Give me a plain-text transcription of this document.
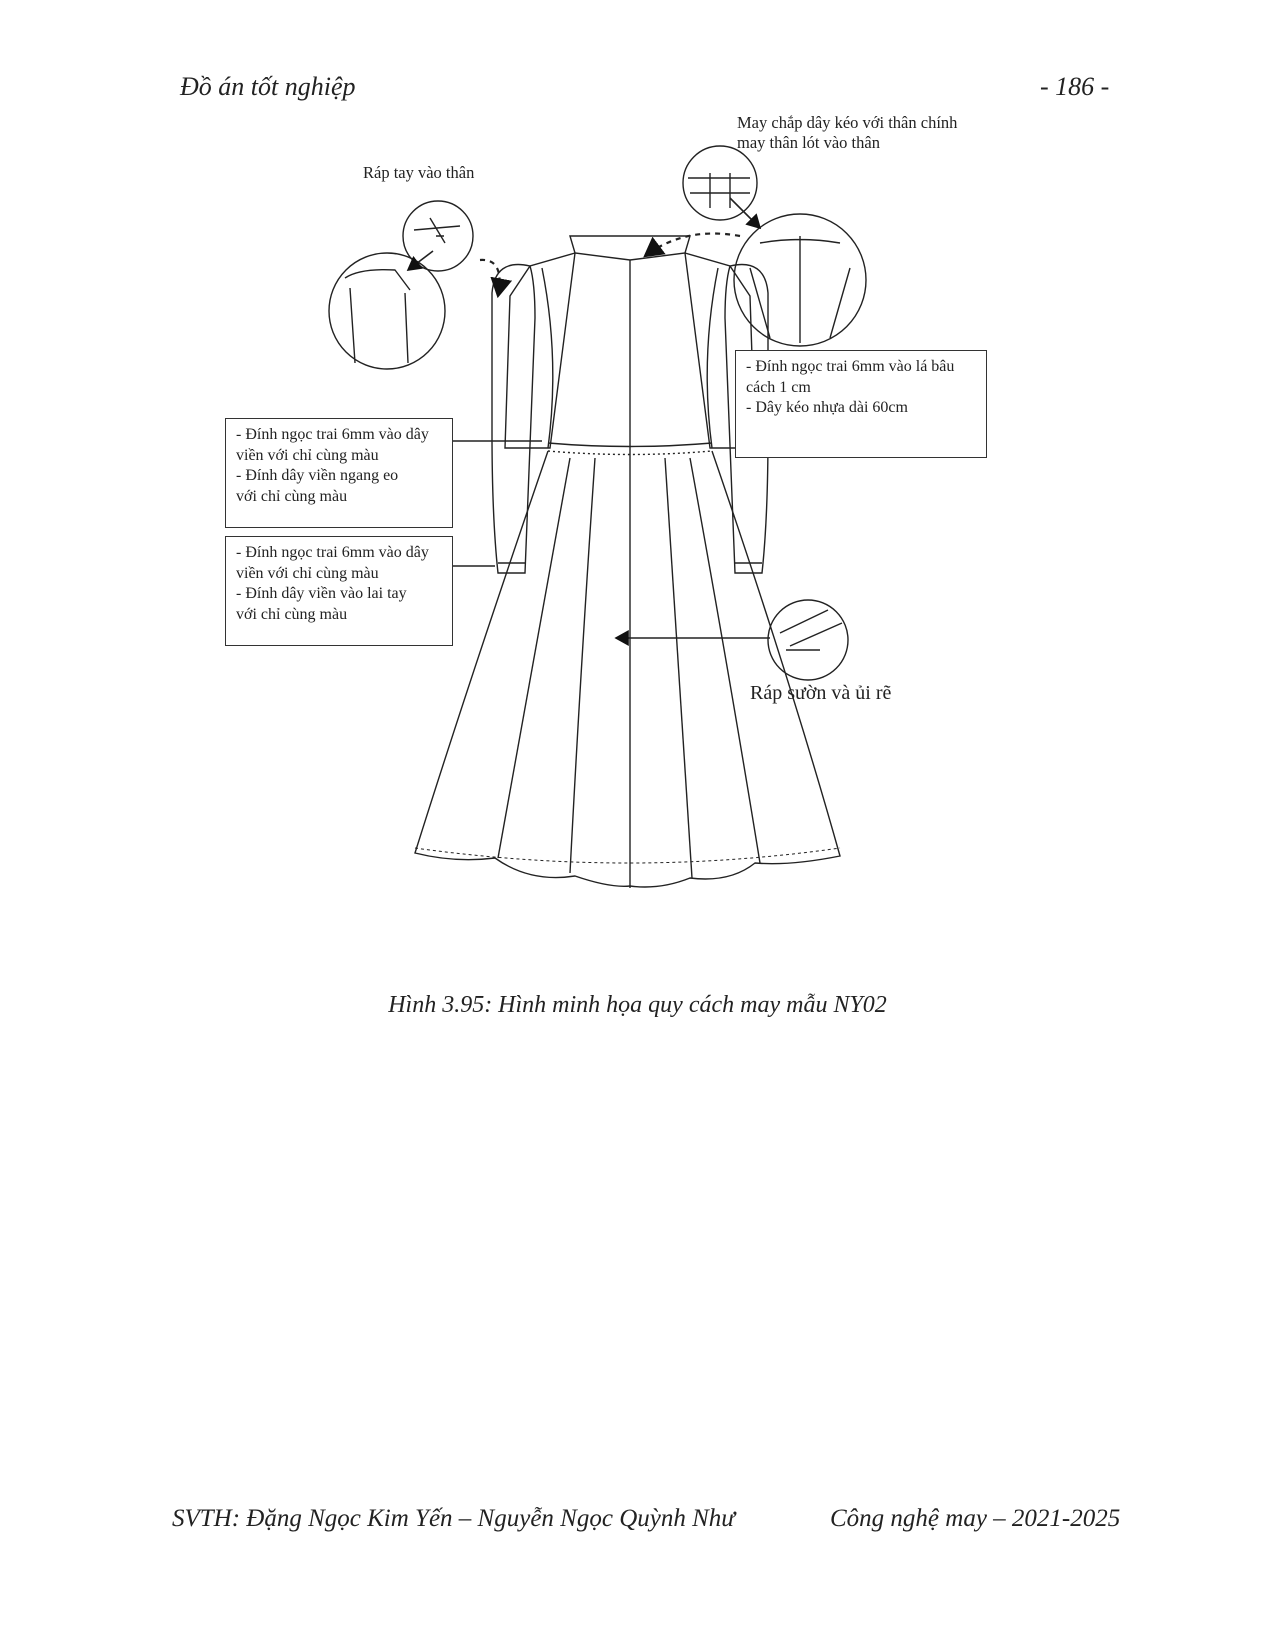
Đồ án tốt nghiệp	- 186 -
Ráp tay vào thân
May chắp dây kéo với thân chính
may thân lót vào thân
Ráp sườn và ủi rẽ
- Đính ngọc trai 6mm vào lá bâu
cách 1 cm
- Dây kéo nhựa dài 60cm
- Đính ngọc trai 6mm vào dây
viền với chỉ cùng màu
- Đính dây viền ngang eo
với chỉ cùng màu
- Đính ngọc trai 6mm vào dây
viền với chỉ cùng màu
- Đính dây viền vào lai tay
với chỉ cùng màu
Hình 3.95: Hình minh họa quy cách may mẫu NY02
SVTH: Đặng Ngọc Kim Yến – Nguyễn Ngọc Quỳnh Như	Công nghệ may – 2021-2025
